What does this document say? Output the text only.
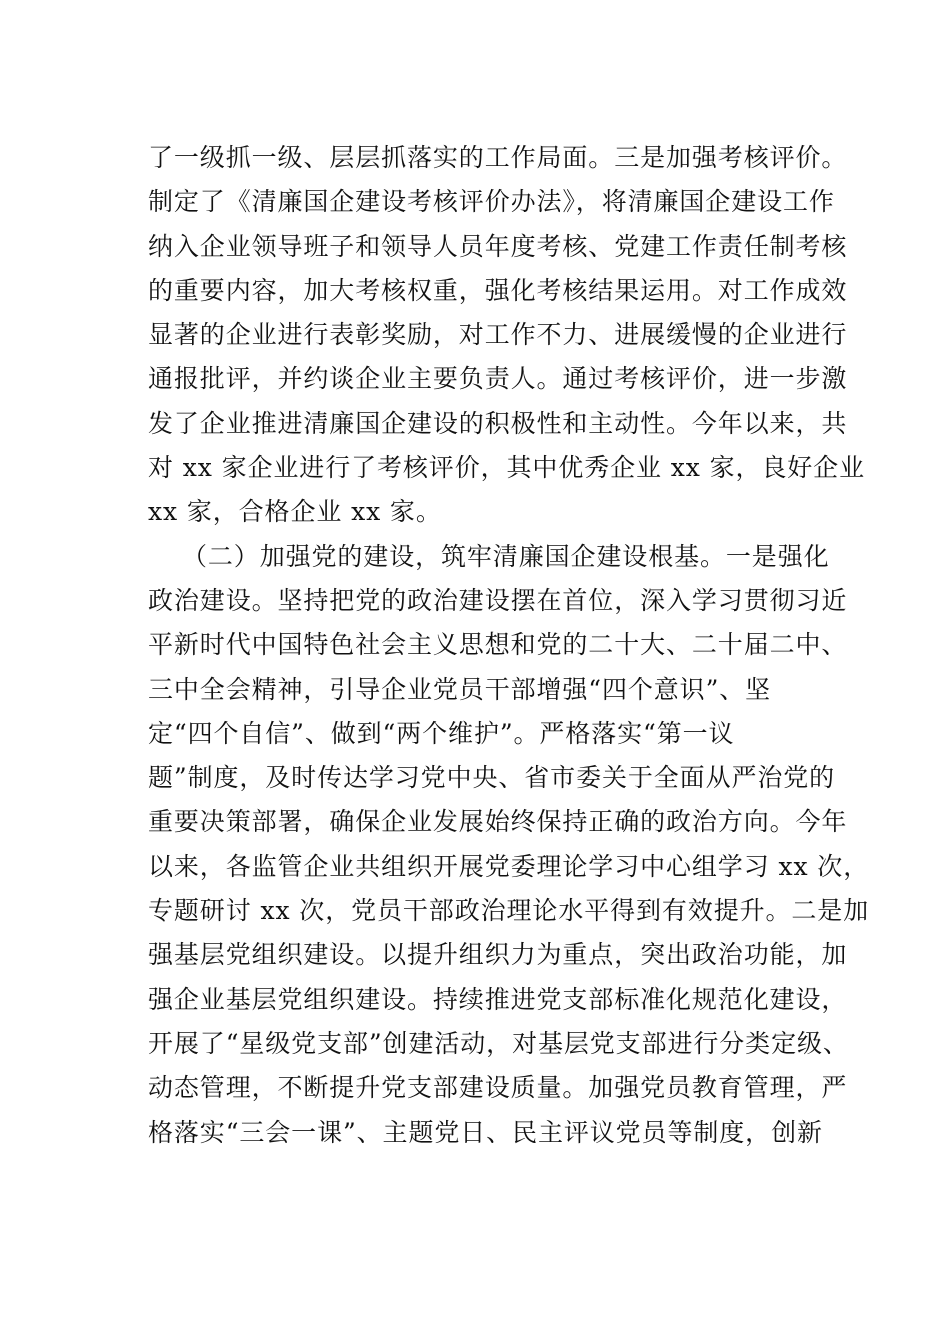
了一级抓一级、层层抓落实的工作局面。三是加强考核评价。
制定了《清廉国企建设考核评价办法》，将清廉国企建设工作
纳入企业领导班子和领导人员年度考核、党建工作责任制考核
的重要内容，加大考核权重，强化考核结果运用。对工作成效
显著的企业进行表彰奖励，对工作不力、进展缓慢的企业进行
通报批评，并约谈企业主要负责人。通过考核评价，进一步激
发了企业推进清廉国企建设的积极性和主动性。今年以来，共
对 xx 家企业进行了考核评价，其中优秀企业 xx 家，良好企业
xx 家，合格企业 xx 家。
（二）加强党的建设，筑牢清廉国企建设根基。一是强化
政治建设。坚持把党的政治建设摆在首位，深入学习贯彻习近
平新时代中国特色社会主义思想和党的二十大、二十届二中、
三中全会精神，引导企业党员干部增强“四个意识”、坚
定“四个自信”、做到“两个维护”。严格落实“第一议
题”制度，及时传达学习党中央、省市委关于全面从严治党的
重要决策部署，确保企业发展始终保持正确的政治方向。今年
以来，各监管企业共组织开展党委理论学习中心组学习 xx 次，
专题研讨 xx 次，党员干部政治理论水平得到有效提升。二是加
强基层党组织建设。以提升组织力为重点，突出政治功能，加
强企业基层党组织建设。持续推进党支部标准化规范化建设，
开展了“星级党支部”创建活动，对基层党支部进行分类定级、
动态管理，不断提升党支部建设质量。加强党员教育管理，严
格落实“三会一课”、主题党日、民主评议党员等制度，创新
